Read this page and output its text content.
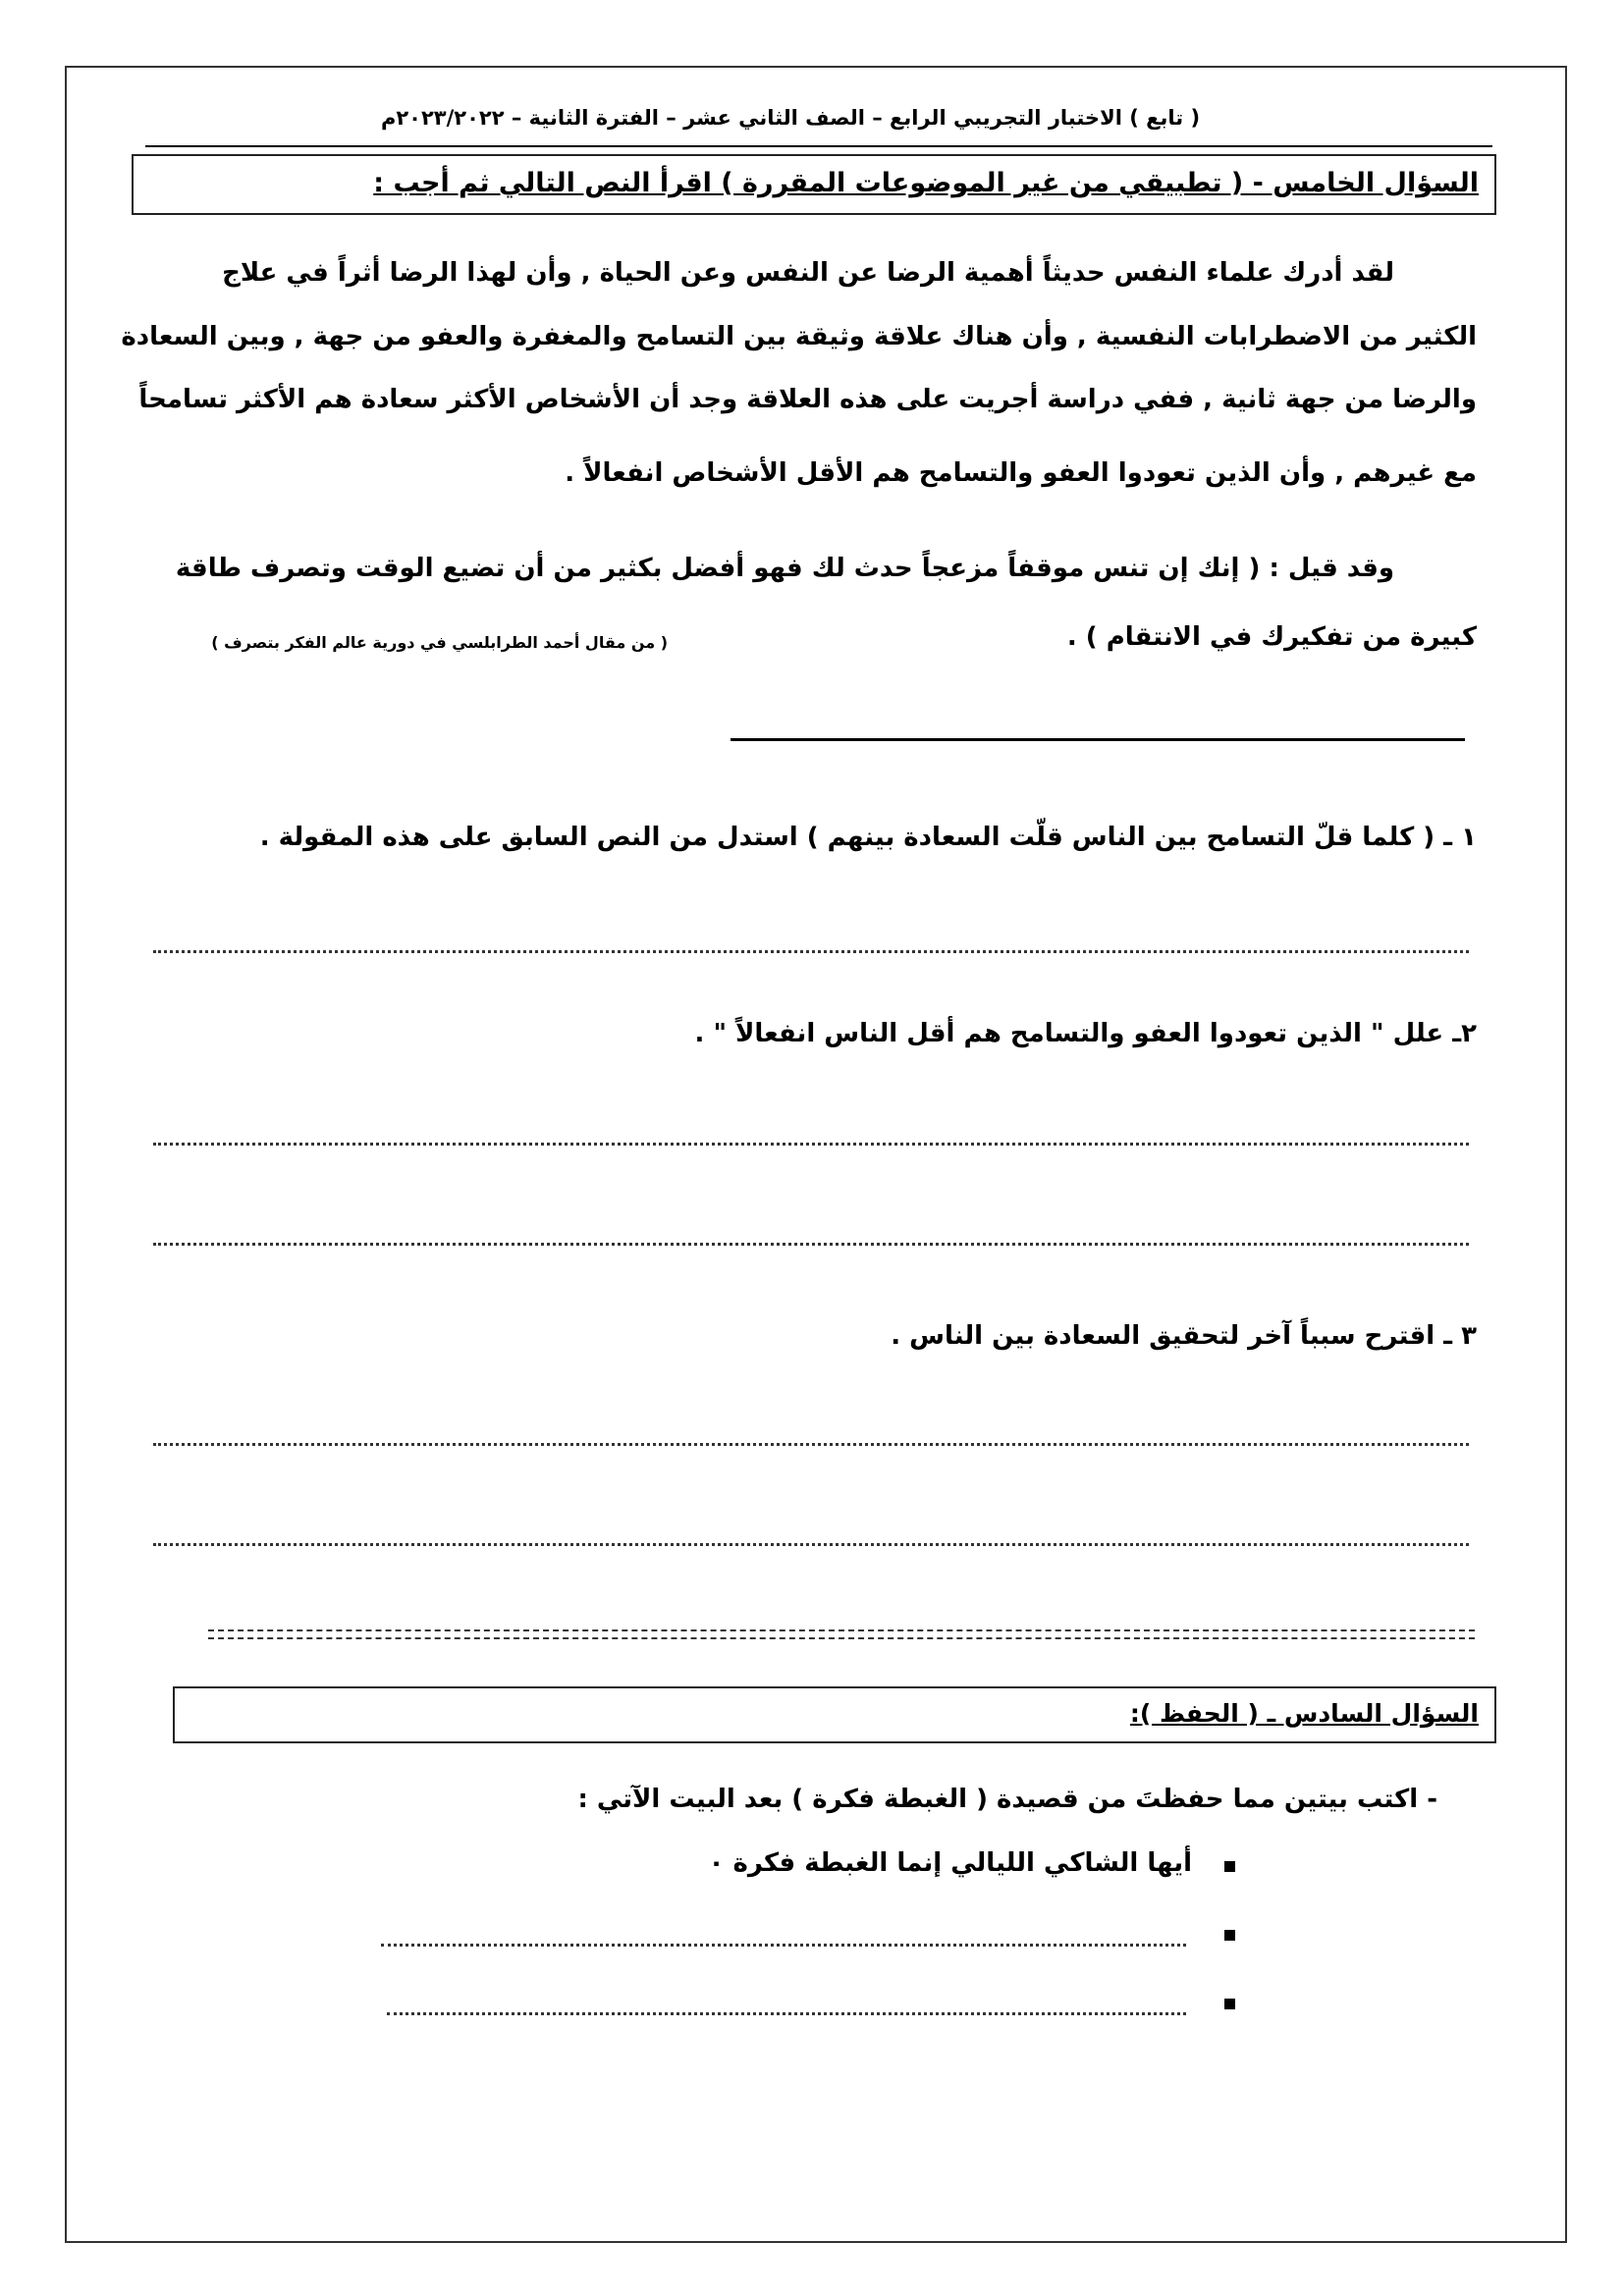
( تابع ) الاختبار التجريبي الرابع – الصف الثاني عشر – الفترة الثانية – ٢٠٢٣/٢٠٢٢م
السؤال الخامس - ( تطبيقي من غير الموضوعات المقررة ) اقرأ النص التالي ثم أجب :
لقد أدرك علماء النفس حديثاً أهمية الرضا عن النفس وعن الحياة , وأن لهذا الرضا أثراً في علاج
الكثير من الاضطرابات النفسية , وأن هناك علاقة وثيقة بين التسامح والمغفرة والعفو من جهة , وبين السعادة
والرضا من جهة ثانية , ففي دراسة أجريت على هذه العلاقة وجد أن الأشخاص الأكثر سعادة هم الأكثر تسامحاً
مع غيرهم , وأن الذين تعودوا العفو والتسامح هم الأقل الأشخاص انفعالاً .
وقد قيل : ( إنك إن تنس موقفاً مزعجاً حدث لك فهو أفضل بكثير من أن تضيع الوقت وتصرف طاقة
كبيرة من تفكيرك في الانتقام ) .
( من مقال أحمد الطرابلسي في دورية عالم الفكر بتصرف )
١ ـ ( كلما قلّ التسامح بين الناس قلّت السعادة بينهم ) استدل من النص السابق على هذه المقولة .
٢ـ علل " الذين تعودوا العفو والتسامح هم أقل الناس انفعالاً " .
٣ ـ اقترح سبباً آخر لتحقيق السعادة بين الناس .
السؤال السادس ـ ( الحفظ ):
- اكتب بيتين مما حفظتَ من قصيدة ( الغبطة فكرة ) بعد البيت الآتي :
أيها الشاكي الليالي إنما الغبطة فكرة ٠
